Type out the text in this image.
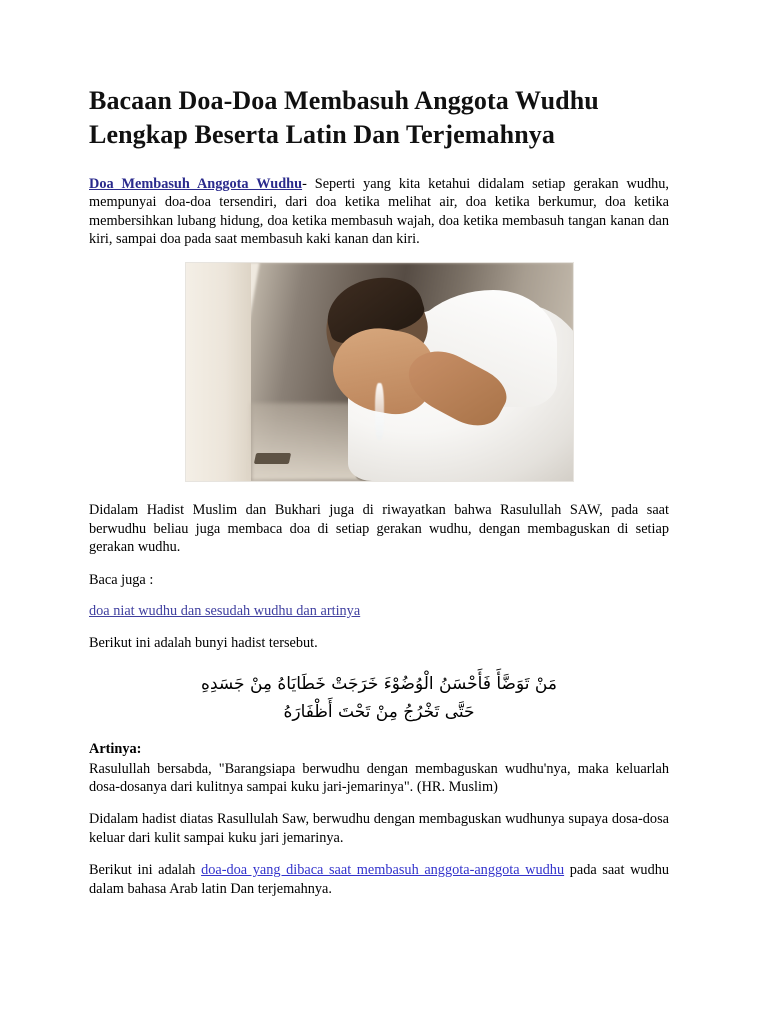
Bacaan Doa-Doa Membasuh Anggota Wudhu Lengkap Beserta Latin Dan Terjemahnya

Doa Membasuh Anggota Wudhu- Seperti yang kita ketahui didalam setiap gerakan wudhu, mempunyai doa-doa tersendiri, dari doa ketika melihat air, doa ketika berkumur, doa ketika membersihkan lubang hidung, doa ketika membasuh wajah, doa ketika membasuh tangan kanan dan kiri, sampai doa pada saat membasuh kaki kanan dan kiri.

Didalam Hadist Muslim dan Bukhari juga di riwayatkan bahwa Rasulullah SAW, pada saat berwudhu beliau juga membaca doa di setiap gerakan wudhu, dengan membaguskan di setiap gerakan wudhu.

Baca juga :

doa niat wudhu dan sesudah wudhu dan artinya

Berikut ini adalah bunyi hadist tersebut.

مَنْ تَوَضَّأَ فَأَحْسَنُ الْوُضُوْءَ خَرَجَتْ خَطَايَاهُ مِنْ جَسَدِهِ
حَتَّى تَخْرُجُ مِنْ تَحْتَ أَظْفَارَهُ

Artinya:
Rasulullah bersabda, "Barangsiapa berwudhu dengan membaguskan wudhu'nya, maka keluarlah dosa-dosanya dari kulitnya sampai kuku jari-jemarinya". (HR. Muslim)

Didalam hadist diatas Rasullulah Saw, berwudhu dengan membaguskan wudhunya supaya dosa-dosa keluar dari kulit sampai kuku jari jemarinya.

Berikut ini adalah doa-doa yang dibaca saat membasuh anggota-anggota wudhu pada saat wudhu dalam bahasa Arab latin Dan terjemahnya.
